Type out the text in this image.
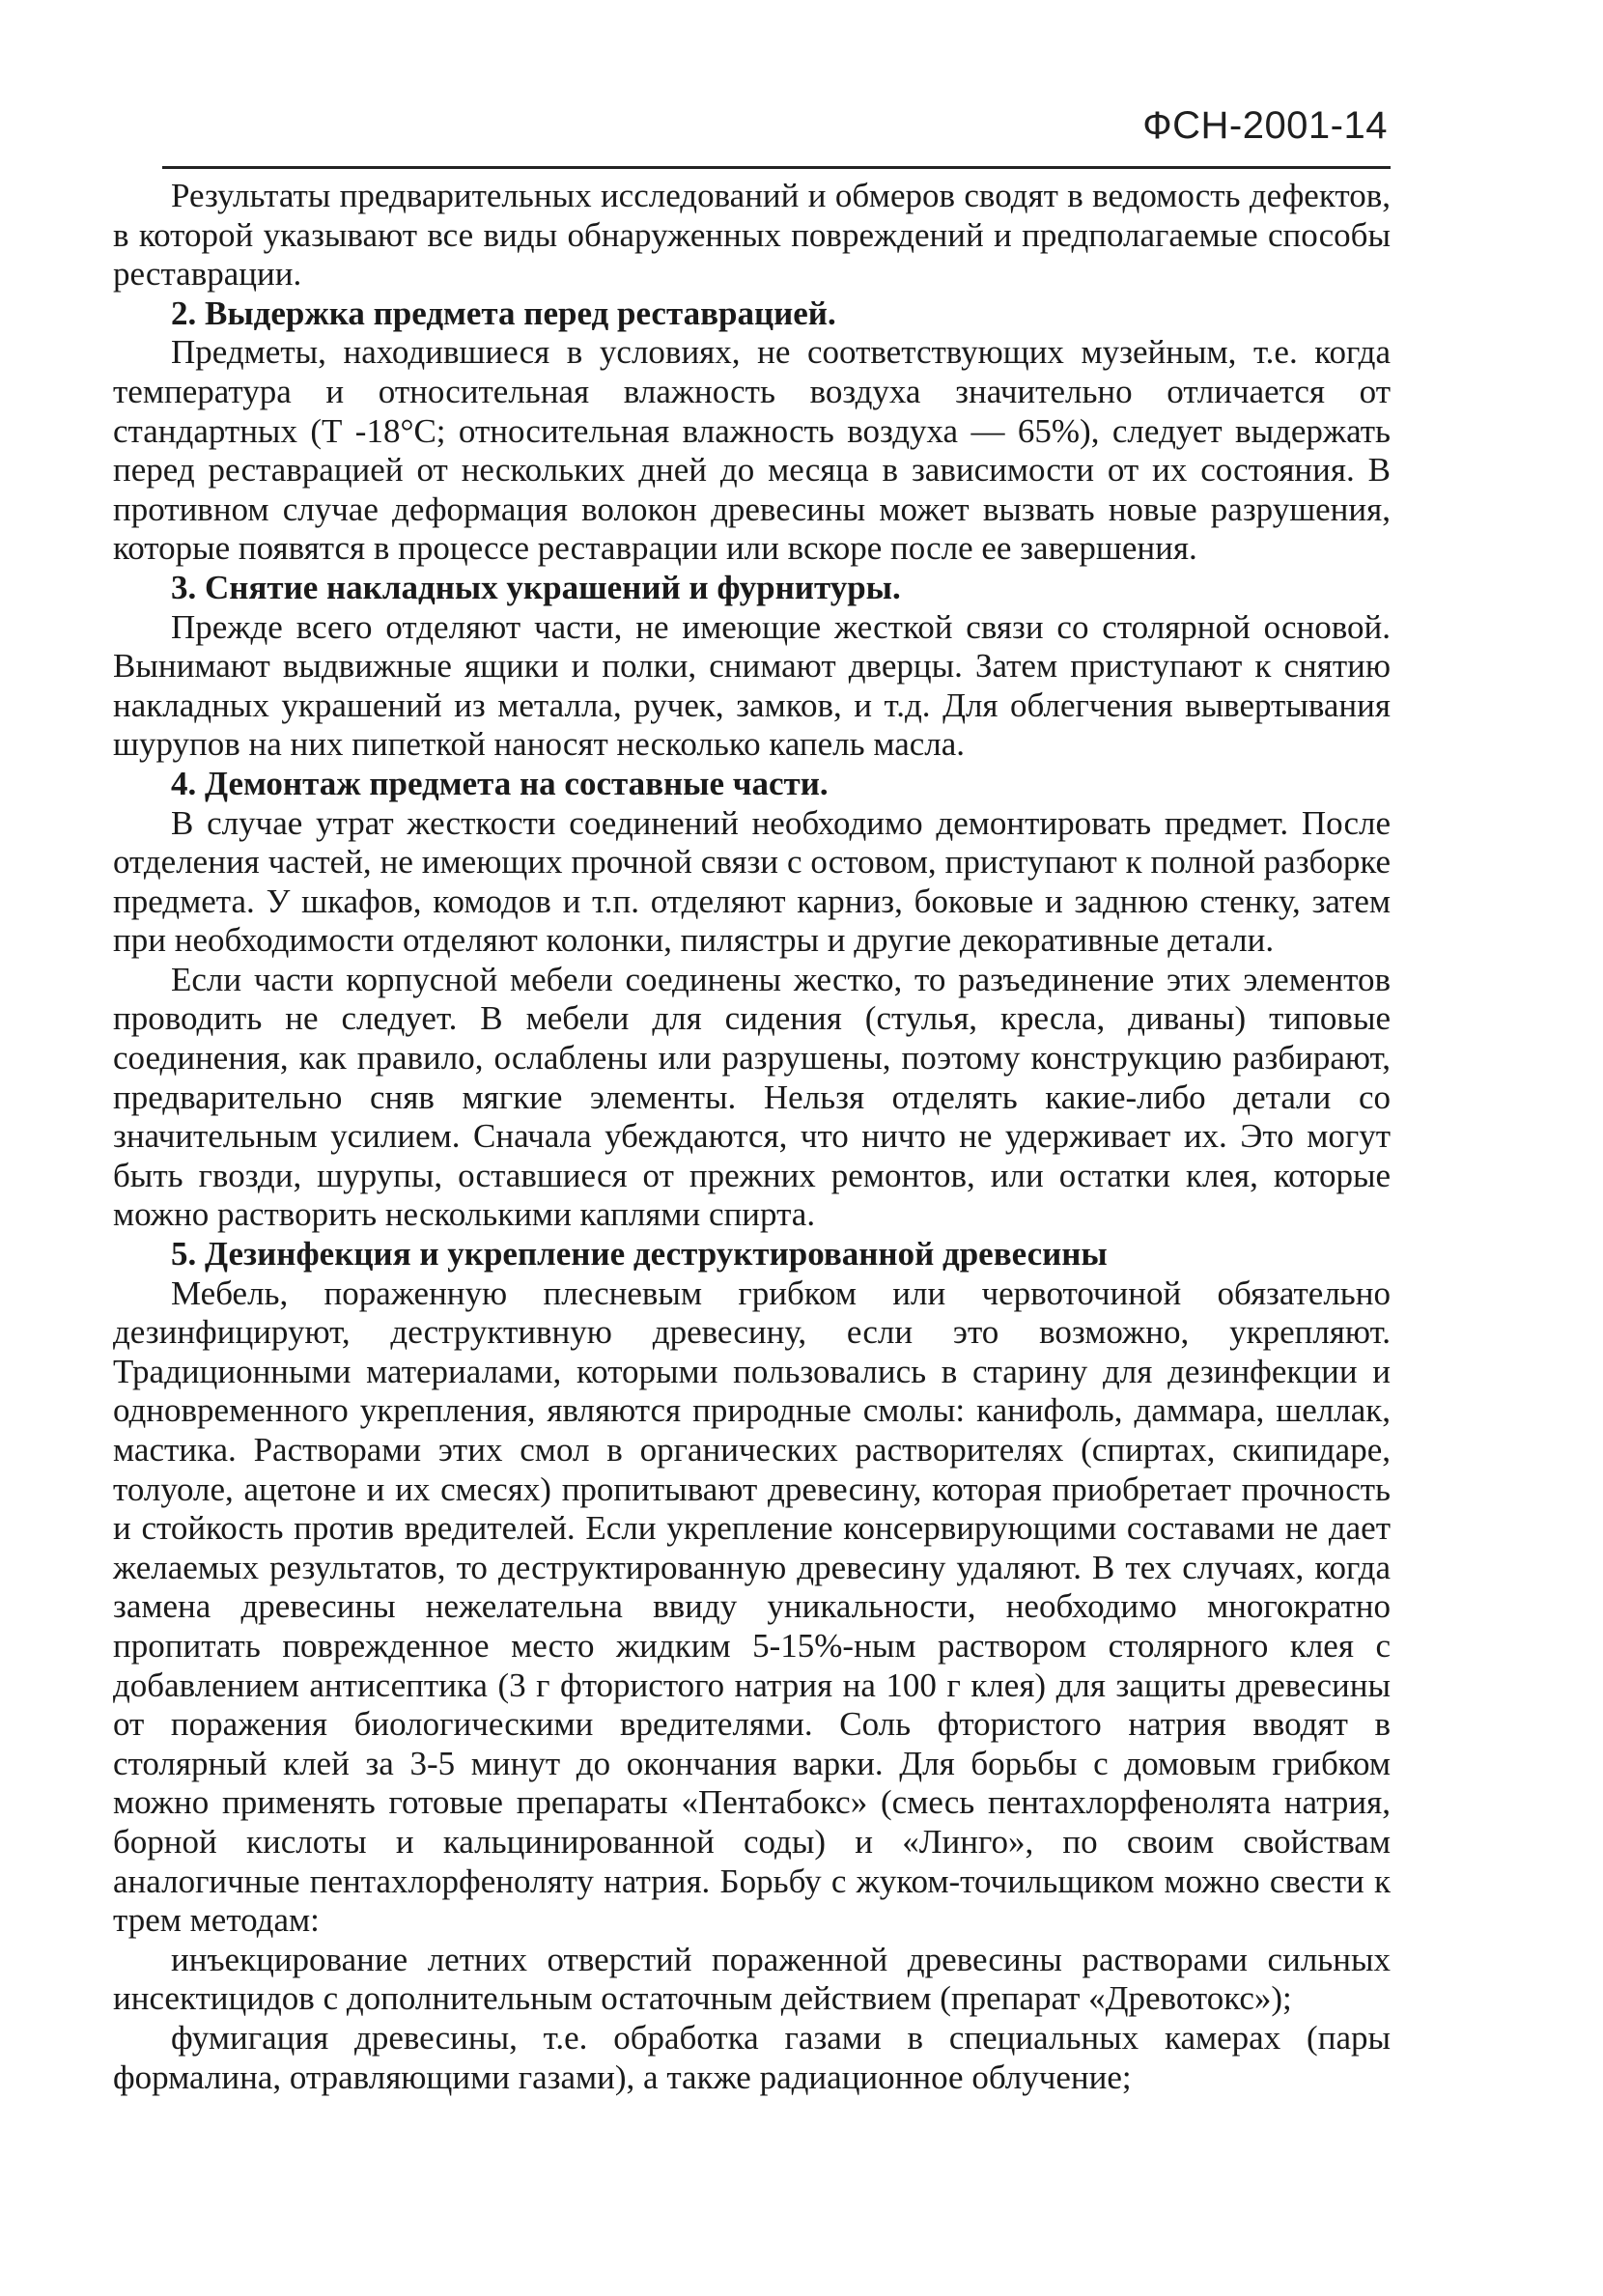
ФСН-2001-14

Результаты предварительных исследований и обмеров сводят в ведомость дефектов, в которой указывают все виды обнаруженных повреждений и предполагаемые способы реставрации.

2. Выдержка предмета перед реставрацией.

Предметы, находившиеся в условиях, не соответствующих музейным, т.е. когда температура и относительная влажность воздуха значительно отличается от стандартных (Т -18°С; относительная влажность воздуха — 65%), следует выдержать перед реставрацией от нескольких дней до месяца в зависимости от их состояния. В противном случае деформация волокон древесины может вызвать новые разрушения, которые появятся в процессе реставрации или вскоре после ее завершения.

3. Снятие накладных украшений и фурнитуры.

Прежде всего отделяют части, не имеющие жесткой связи со столярной основой. Вынимают выдвижные ящики и полки, снимают дверцы. Затем приступают к снятию накладных украшений из металла, ручек, замков, и т.д. Для облегчения вывертывания шурупов на них пипеткой наносят несколько капель масла.

4. Демонтаж предмета на составные части.

В случае утрат жесткости соединений необходимо демонтировать предмет. После отделения частей, не имеющих прочной связи с остовом, приступают к полной разборке предмета. У шкафов, комодов и т.п. отделяют карниз, боковые и заднюю стенку, затем при необходимости отделяют колонки, пилястры и другие декоративные детали.

Если части корпусной мебели соединены жестко, то разъединение этих элементов проводить не следует. В мебели для сидения (стулья, кресла, диваны) типовые соединения, как правило, ослаблены или разрушены, поэтому конструкцию разбирают, предварительно сняв мягкие элементы. Нельзя отделять какие-либо детали со значительным усилием. Сначала убеждаются, что ничто не удерживает их. Это могут быть гвозди, шурупы, оставшиеся от прежних ремонтов, или остатки клея, которые можно растворить несколькими каплями спирта.

5. Дезинфекция и укрепление деструктированной древесины

Мебель, пораженную плесневым грибком или червоточиной обязательно дезинфицируют, деструктивную древесину, если это возможно, укрепляют. Традиционными материалами, которыми пользовались в старину для дезинфекции и одновременного укрепления, являются природные смолы: канифоль, даммара, шеллак, мастика. Растворами этих смол в органических растворителях (спиртах, скипидаре, толуоле, ацетоне и их смесях) пропитывают древесину, которая приобретает прочность и стойкость против вредителей. Если укрепление консервирующими составами не дает желаемых результатов, то деструктированную древесину удаляют. В тех случаях, когда замена древесины нежелательна ввиду уникальности, необходимо многократно пропитать поврежденное место жидким 5-15%-ным раствором столярного клея с добавлением антисептика (3 г фтористого натрия на 100 г клея) для защиты древесины от поражения биологическими вредителями. Соль фтористого натрия вводят в столярный клей за 3-5 минут до окончания варки. Для борьбы с домовым грибком можно применять готовые препараты «Пентабокс» (смесь пентахлорфенолята натрия, борной кислоты и кальцинированной соды) и «Линго», по своим свойствам аналогичные пентахлорфеноляту натрия. Борьбу с жуком-точильщиком можно свести к трем методам:

инъекцирование летних отверстий пораженной древесины растворами сильных инсектицидов с дополнительным остаточным действием (препарат «Древотокс»);

фумигация древесины, т.е. обработка газами в специальных камерах (пары формалина, отравляющими газами), а также радиационное облучение;
